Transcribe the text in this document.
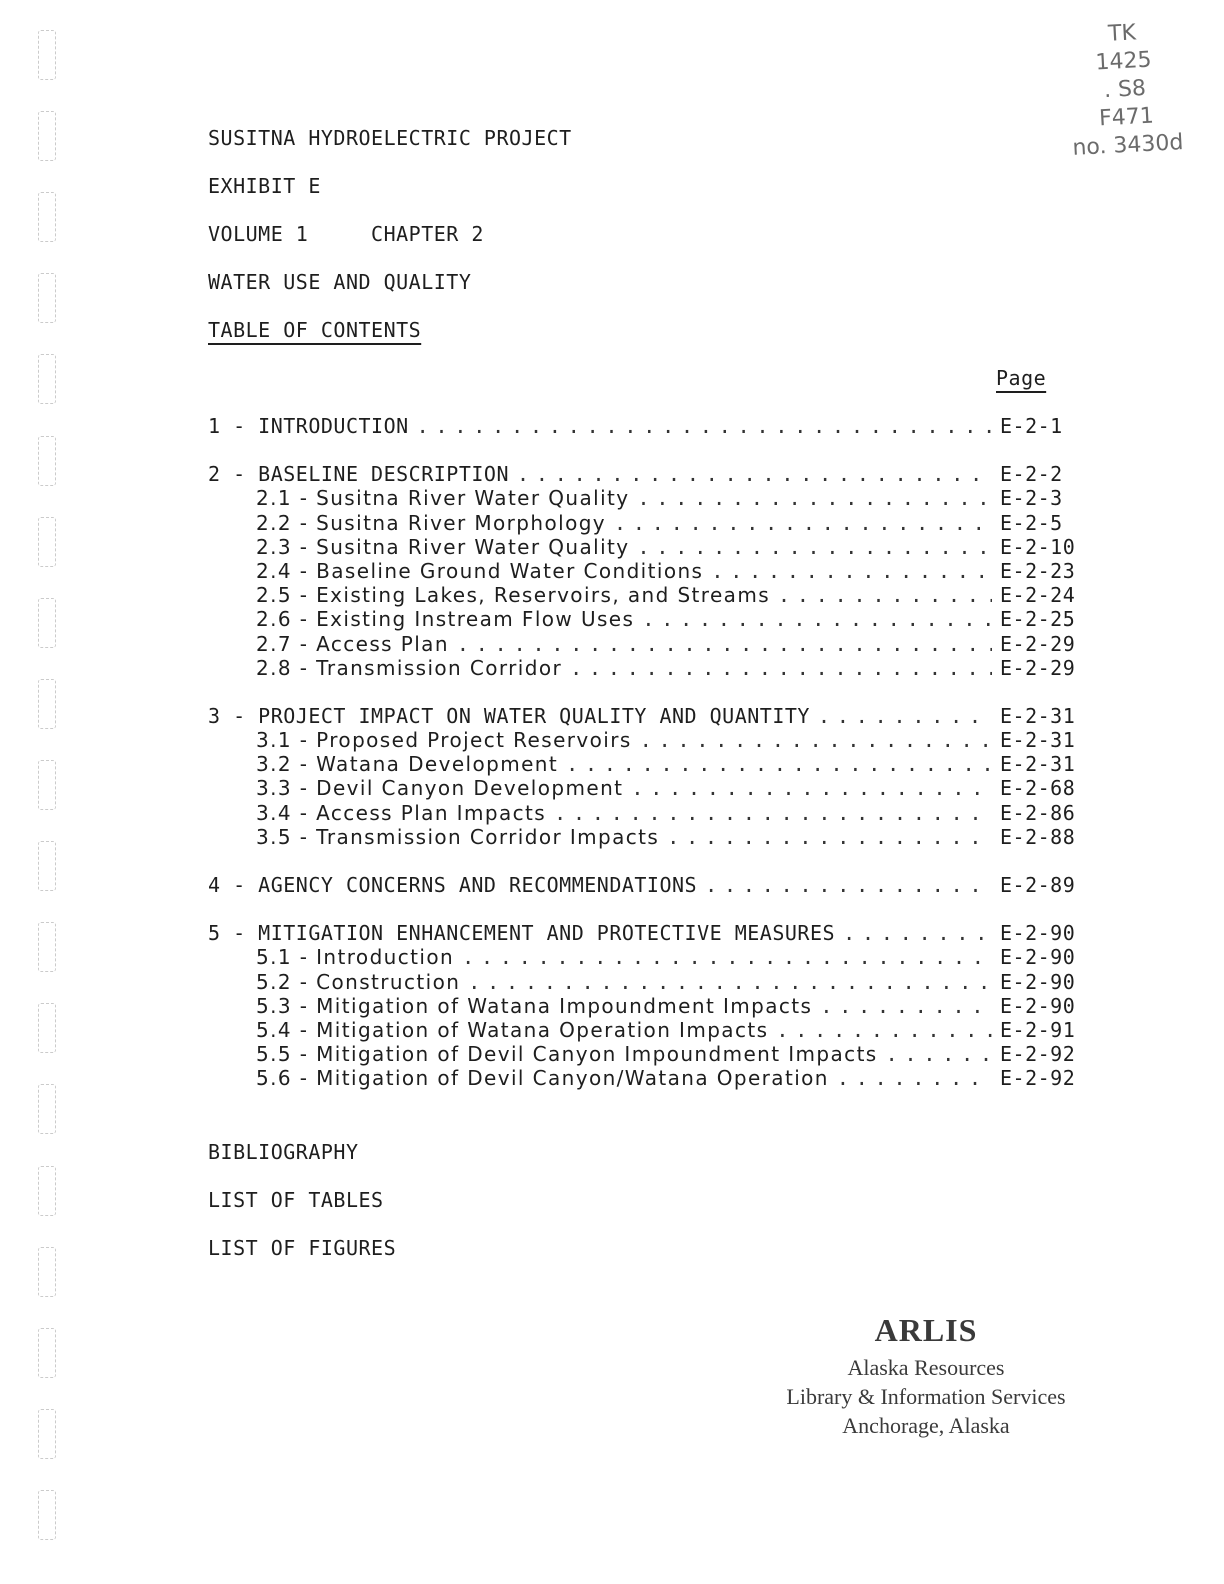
TK
1425
. S8
F471
no. 3430d
SUSITNA HYDROELECTRIC PROJECT
EXHIBIT E
VOLUME 1     CHAPTER 2
WATER USE AND QUALITY
TABLE OF CONTENTS
Page
1 - INTRODUCTION . . .	E-2-1
2 - BASELINE DESCRIPTION . . .	E-2-2
2.1 - Susitna River Water Quality . . .	E-2-3
2.2 - Susitna River Morphology . . .	E-2-5
2.3 - Susitna River Water Quality . . .	E-2-10
2.4 - Baseline Ground Water Conditions . . .	E-2-23
2.5 - Existing Lakes, Reservoirs, and Streams . . .	E-2-24
2.6 - Existing Instream Flow Uses . . .	E-2-25
2.7 - Access Plan . . .	E-2-29
2.8 - Transmission Corridor . . .	E-2-29
3 - PROJECT IMPACT ON WATER QUALITY AND QUANTITY . . .	E-2-31
3.1 - Proposed Project Reservoirs . . .	E-2-31
3.2 - Watana Development . . .	E-2-31
3.3 - Devil Canyon Development . . .	E-2-68
3.4 - Access Plan Impacts . . .	E-2-86
3.5 - Transmission Corridor Impacts . . .	E-2-88
4 - AGENCY CONCERNS AND RECOMMENDATIONS . . .	E-2-89
5 - MITIGATION ENHANCEMENT AND PROTECTIVE MEASURES . . .	E-2-90
5.1 - Introduction . . .	E-2-90
5.2 - Construction . . .	E-2-90
5.3 - Mitigation of Watana Impoundment Impacts . . .	E-2-90
5.4 - Mitigation of Watana Operation Impacts . . .	E-2-91
5.5 - Mitigation of Devil Canyon Impoundment Impacts . . .	E-2-92
5.6 - Mitigation of Devil Canyon/Watana Operation . . .	E-2-92
BIBLIOGRAPHY
LIST OF TABLES
LIST OF FIGURES
ARLIS
Alaska Resources
Library & Information Services
Anchorage, Alaska
